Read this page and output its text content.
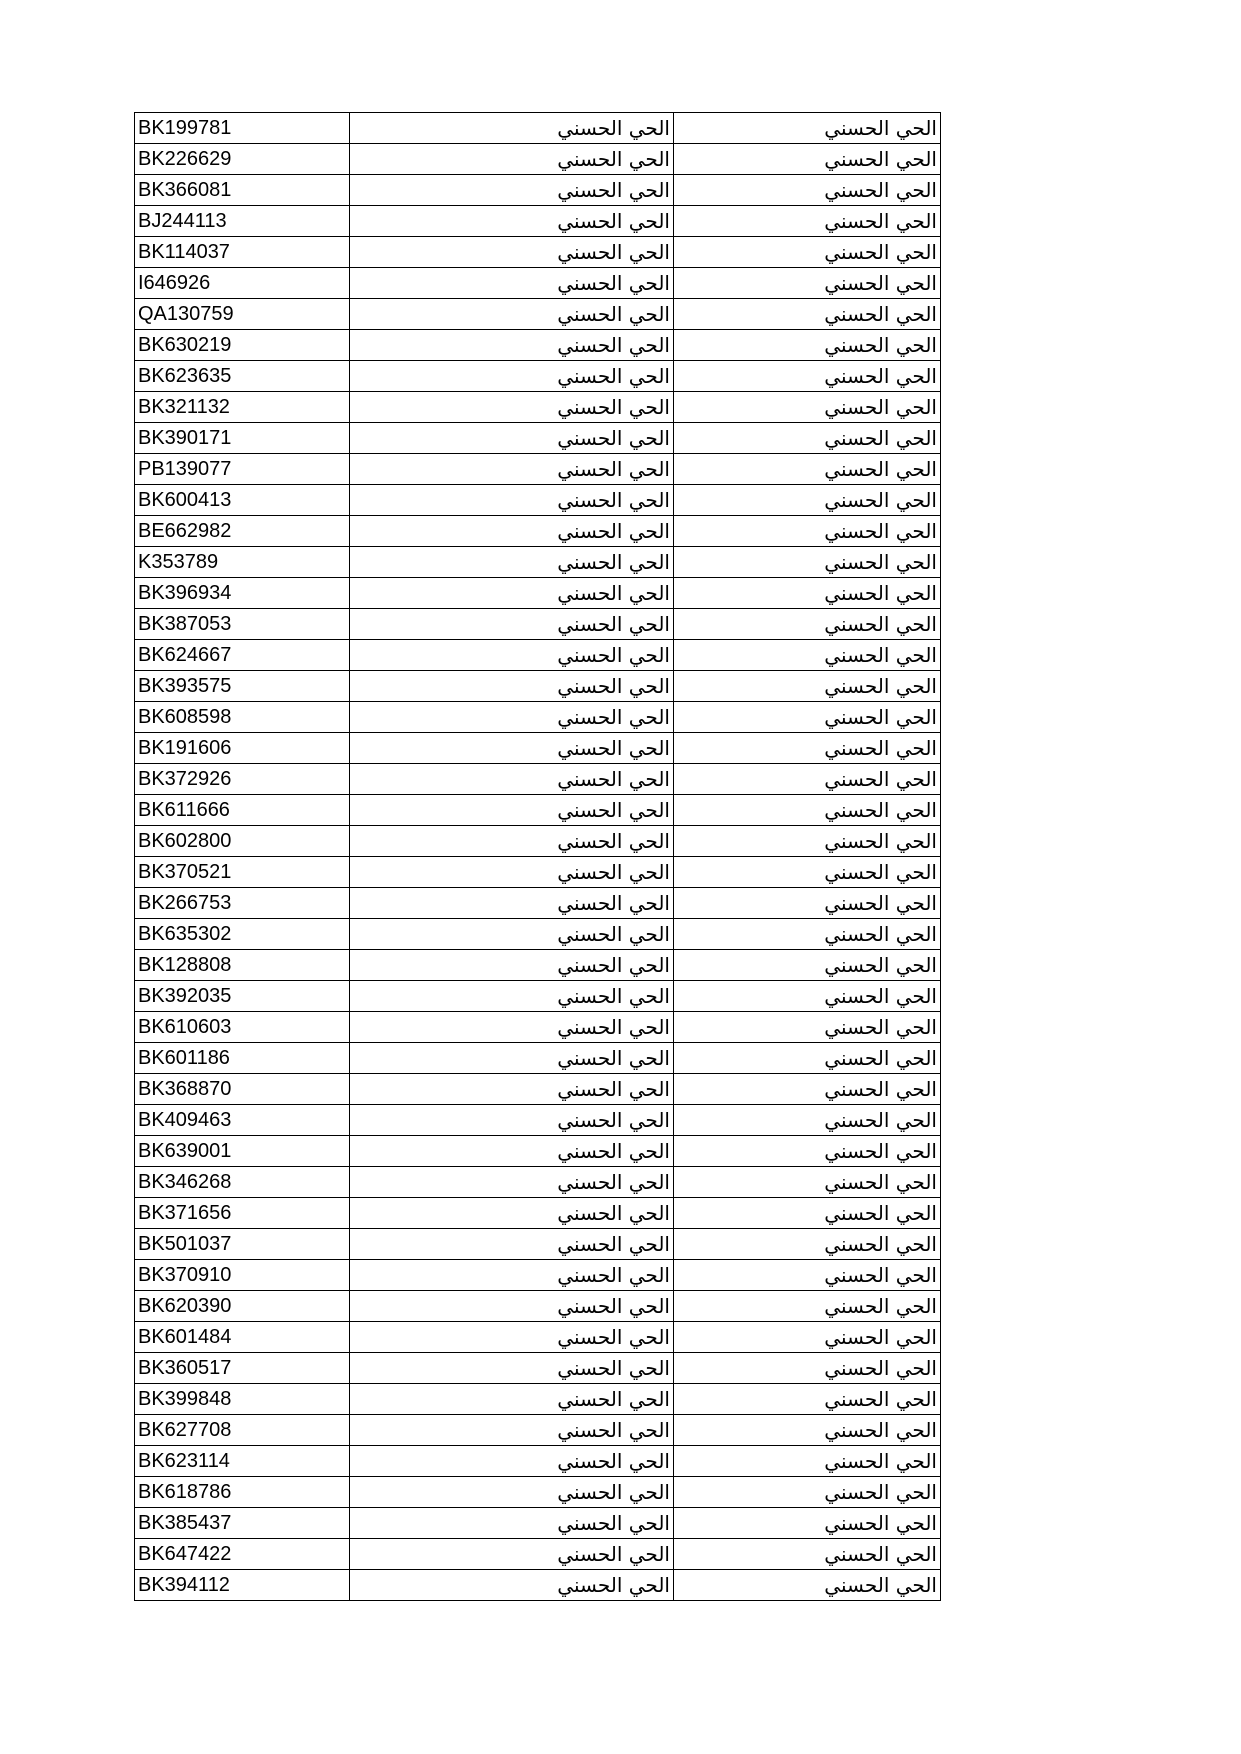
BK199781	الحي الحسني	الحي الحسني
BK226629	الحي الحسني	الحي الحسني
BK366081	الحي الحسني	الحي الحسني
BJ244113	الحي الحسني	الحي الحسني
BK114037	الحي الحسني	الحي الحسني
I646926	الحي الحسني	الحي الحسني
QA130759	الحي الحسني	الحي الحسني
BK630219	الحي الحسني	الحي الحسني
BK623635	الحي الحسني	الحي الحسني
BK321132	الحي الحسني	الحي الحسني
BK390171	الحي الحسني	الحي الحسني
PB139077	الحي الحسني	الحي الحسني
BK600413	الحي الحسني	الحي الحسني
BE662982	الحي الحسني	الحي الحسني
K353789	الحي الحسني	الحي الحسني
BK396934	الحي الحسني	الحي الحسني
BK387053	الحي الحسني	الحي الحسني
BK624667	الحي الحسني	الحي الحسني
BK393575	الحي الحسني	الحي الحسني
BK608598	الحي الحسني	الحي الحسني
BK191606	الحي الحسني	الحي الحسني
BK372926	الحي الحسني	الحي الحسني
BK611666	الحي الحسني	الحي الحسني
BK602800	الحي الحسني	الحي الحسني
BK370521	الحي الحسني	الحي الحسني
BK266753	الحي الحسني	الحي الحسني
BK635302	الحي الحسني	الحي الحسني
BK128808	الحي الحسني	الحي الحسني
BK392035	الحي الحسني	الحي الحسني
BK610603	الحي الحسني	الحي الحسني
BK601186	الحي الحسني	الحي الحسني
BK368870	الحي الحسني	الحي الحسني
BK409463	الحي الحسني	الحي الحسني
BK639001	الحي الحسني	الحي الحسني
BK346268	الحي الحسني	الحي الحسني
BK371656	الحي الحسني	الحي الحسني
BK501037	الحي الحسني	الحي الحسني
BK370910	الحي الحسني	الحي الحسني
BK620390	الحي الحسني	الحي الحسني
BK601484	الحي الحسني	الحي الحسني
BK360517	الحي الحسني	الحي الحسني
BK399848	الحي الحسني	الحي الحسني
BK627708	الحي الحسني	الحي الحسني
BK623114	الحي الحسني	الحي الحسني
BK618786	الحي الحسني	الحي الحسني
BK385437	الحي الحسني	الحي الحسني
BK647422	الحي الحسني	الحي الحسني
BK394112	الحي الحسني	الحي الحسني
